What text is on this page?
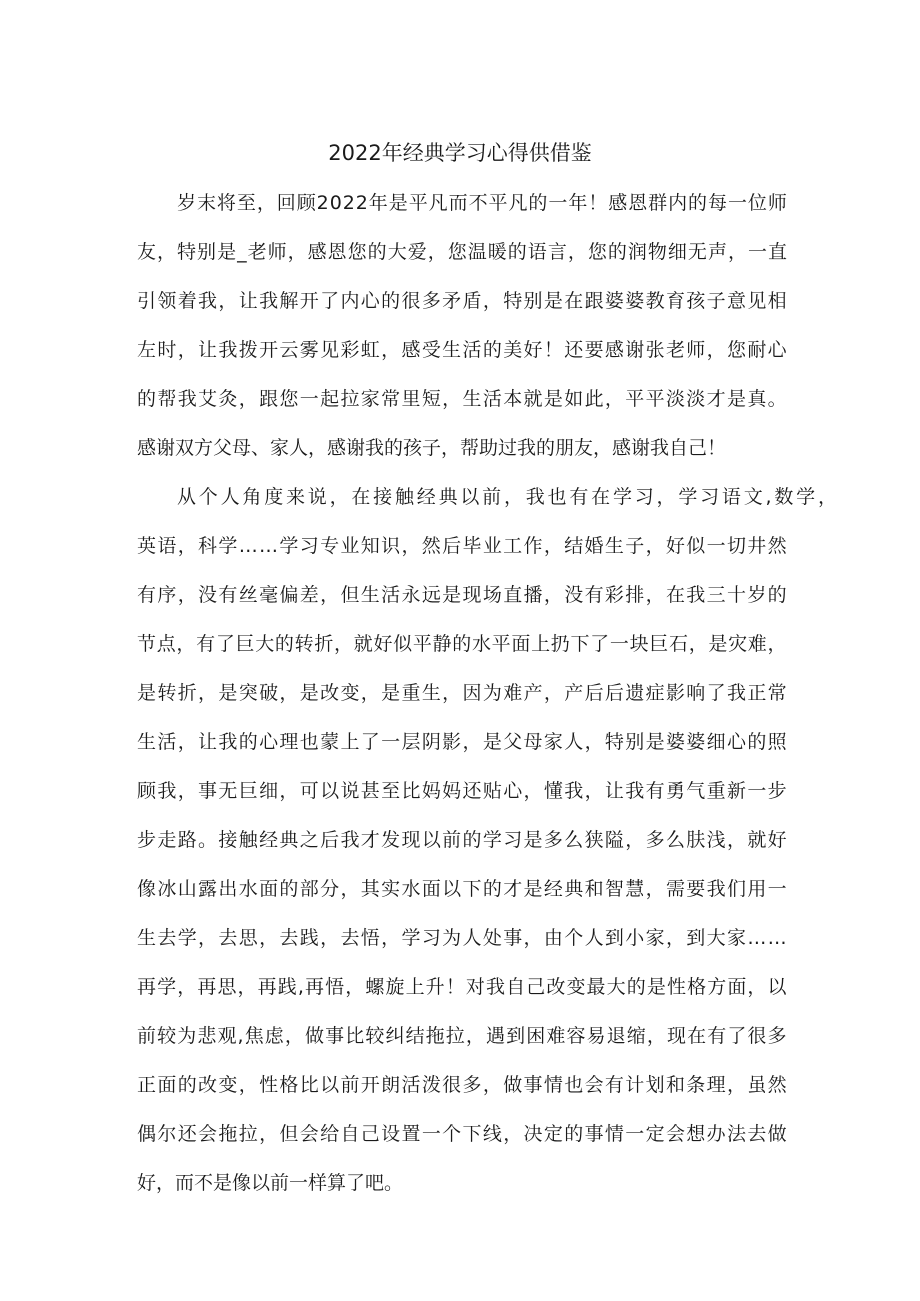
2022年经典学习心得供借鉴
岁 末 将 至 ， 回 顾 2 0 2 2 年 是 平 凡 而 不 平 凡 的 一 年 ！ 感 恩 群 内 的 每 一 位 师
友 ， 特 别 是 _ 老 师 ， 感 恩 您 的 大 爱 ， 您 温 暖 的 语 言 ， 您 的 润 物 细 无 声 ， 一 直
引 领 着 我 ， 让 我 解 开 了 内 心 的 很 多 矛 盾 ， 特 别 是 在 跟 婆 婆 教 育 孩 子 意 见 相
左 时 ， 让 我 拨 开 云 雾 见 彩 虹 ， 感 受 生 活 的 美 好 ！ 还 要 感 谢 张 老 师 ， 您 耐 心
的 帮 我 艾 灸 ， 跟 您 一 起 拉 家 常 里 短 ， 生 活 本 就 是 如 此 ， 平 平 淡 淡 才 是 真 。
感谢双方父母、家人，感谢我的孩子，帮助过我的朋友，感谢我自己！
从 个 人 角 度 来 说 ， 在 接 触 经 典 以 前 ， 我 也 有 在 学 习 ， 学 习 语 文 , 数 学 ，
英 语 ， 科 学 … … 学 习 专 业 知 识 ， 然 后 毕 业 工 作 ， 结 婚 生 子 ， 好 似 一 切 井 然
有 序 ， 没 有 丝 毫 偏 差 ， 但 生 活 永 远 是 现 场 直 播 ， 没 有 彩 排 ， 在 我 三 十 岁 的
节 点 ， 有 了 巨 大 的 转 折 ， 就 好 似 平 静 的 水 平 面 上 扔 下 了 一 块 巨 石 ， 是 灾 难 ，
是 转 折 ， 是 突 破 ， 是 改 变 ， 是 重 生 ， 因 为 难 产 ， 产 后 后 遗 症 影 响 了 我 正 常
生 活 ， 让 我 的 心 理 也 蒙 上 了 一 层 阴 影 ， 是 父 母 家 人 ， 特 别 是 婆 婆 细 心 的 照
顾 我 ， 事 无 巨 细 ， 可 以 说 甚 至 比 妈 妈 还 贴 心 ， 懂 我 ， 让 我 有 勇 气 重 新 一 步
步 走 路 。 接 触 经 典 之 后 我 才 发 现 以 前 的 学 习 是 多 么 狭 隘 ， 多 么 肤 浅 ， 就 好
像 冰 山 露 出 水 面 的 部 分 ， 其 实 水 面 以 下 的 才 是 经 典 和 智 慧 ， 需 要 我 们 用 一
生 去 学 ， 去 思 ， 去 践 ， 去 悟 ， 学 习 为 人 处 事 ， 由 个 人 到 小 家 ， 到 大 家 … …
再 学 ， 再 思 ， 再 践 , 再 悟 ， 螺 旋 上 升 ！ 对 我 自 己 改 变 最 大 的 是 性 格 方 面 ， 以
前 较 为 悲 观 , 焦 虑 ， 做 事 比 较 纠 结 拖 拉 ， 遇 到 困 难 容 易 退 缩 ， 现 在 有 了 很 多
正 面 的 改 变 ， 性 格 比 以 前 开 朗 活 泼 很 多 ， 做 事 情 也 会 有 计 划 和 条 理 ， 虽 然
偶 尔 还 会 拖 拉 ， 但 会 给 自 己 设 置 一 个 下 线 ， 决 定 的 事 情 一 定 会 想 办 法 去 做
好，而不是像以前一样算了吧。
